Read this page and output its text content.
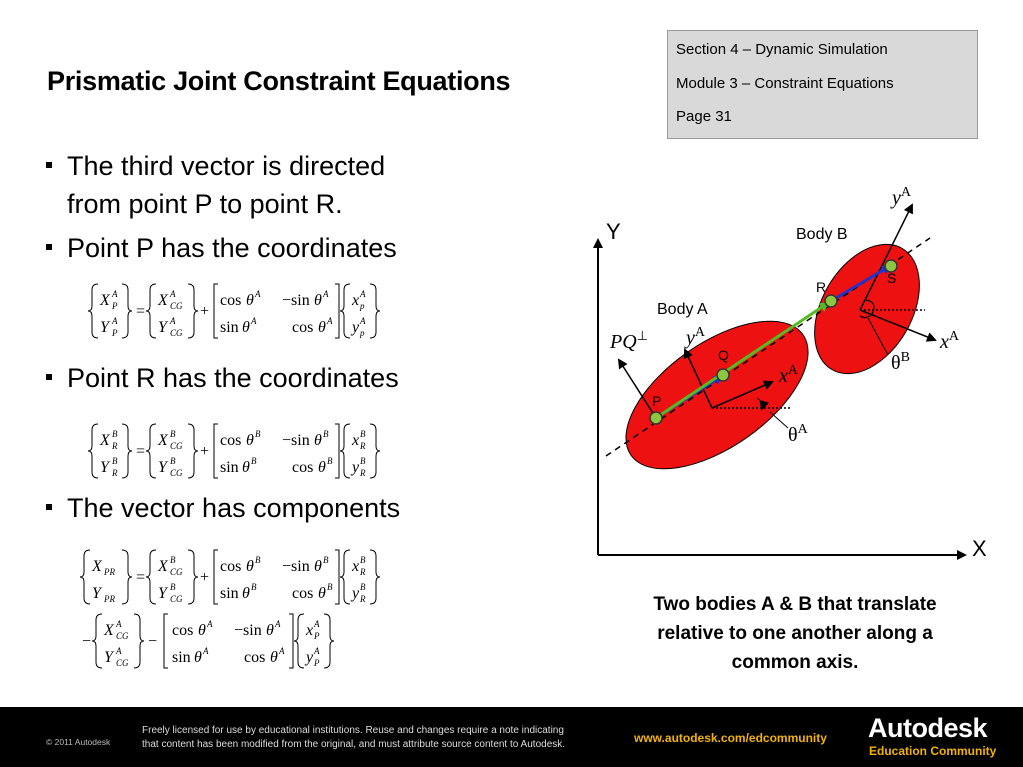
Prismatic Joint Constraint Equations
Section 4 – Dynamic Simulation
Module 3 – Constraint Equations
Page 31
The third vector is directed
from point P to point R.
Point P has the coordinates
Point R has the coordinates
The vector has components
X A
P
Y A
P
=
X A
CG
Y A
CG
+
cos θ A −sin θ A
sin θ A cos θ A
x A
p
y A
p
X B
R
Y B
R
=
X B
CG
Y B
CG
+
cos θ B −sin θ B
sin θ B cos θ B
x B
R
y B
R
X PR
Y PR
=
X B
CG
Y B
CG
+
cos θ B −sin θ B
sin θ B cos θ B
x B
R
y B
R
−
X A
CG
Y A
CG
−
cos θ A −sin θ A
sin θ A cos θ A
x A
P
y A
P
Y
X
P
Q
R
S
Body A
Body B
PQ⊥ $y^A$
$x^A$
$y^A$
$x^A$
$\theta^A$
$\theta^B$
Two bodies A & B that translate
relative to one another along a
common axis.
© 2011 Autodesk
Freely licensed for use by educational institutions. Reuse and changes require a note indicating
that content has been modified from the original, and must attribute source content to Autodesk.	www.autodesk.com/edcommunity Autodesk
Education Community
